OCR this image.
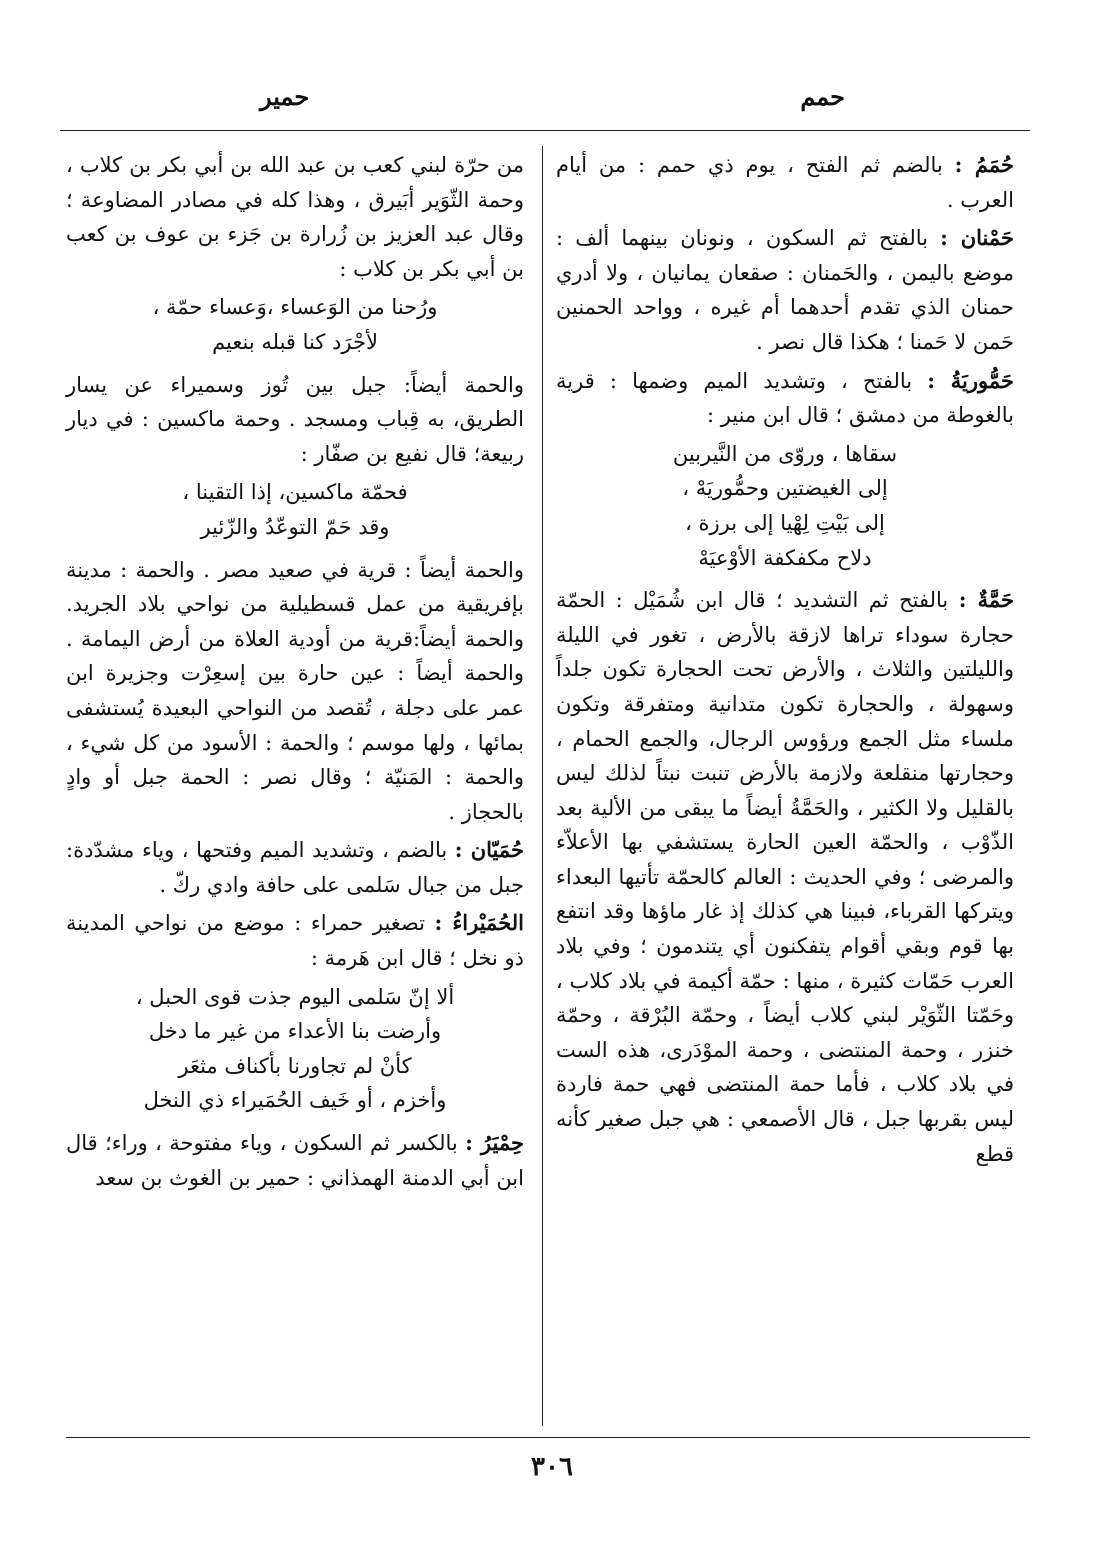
حمم
حمير

حُمَمُ : بالضم ثم الفتح ، يوم ذي حمم : من أيام العرب .

حَمْنان : بالفتح ثم السكون ، ونونان بينهما ألف : موضع باليمن ، والحَمنان : صقعان يمانيان ، ولا أدري حمنان الذي تقدم أحدهما أم غيره ، وواحد الحمنين حَمن لا حَمنا ؛ هكذا قال نصر .

حَمُّوريَةُ : بالفتح ، وتشديد الميم وضمها : قرية بالغوطة من دمشق ؛ قال ابن منير :

سقاها ، وروّى من النَّيربين
إلى الغيضتين وحمُّوريَهْ ،
إلى بَيْتِ لِهْيا إلى برزة ،
دلاح مكفكفة الأوْعيَهْ

حَمَّةٌ : بالفتح ثم التشديد ؛ قال ابن شُمَيْل : الحمّة حجارة سوداء تراها لازقة بالأرض ، تغور في الليلة والليلتين والثلاث ، والأرض تحت الحجارة تكون جلداً وسهولة ، والحجارة تكون متدانية ومتفرقة وتكون ملساء مثل الجمع ورؤوس الرجال، والجمع الحمام ، وحجارتها منقلعة ولازمة بالأرض تنبت نبتاً لذلك ليس بالقليل ولا الكثير ، والحَمَّةُ أيضاً ما يبقى من الألية بعد الذّوْب ، والحمّة العين الحارة يستشفي بها الأعلاّء والمرضى ؛ وفي الحديث : العالم كالحمّة تأتيها البعداء ويتركها القرباء، فبينا هي كذلك إذ غار ماؤها وقد انتفع بها قوم وبقي أقوام يتفكنون أي يتندمون ؛ وفي بلاد العرب حَمّات كثيرة ، منها : حمّة أكيمة في بلاد كلاب ، وحَمّتا الثّوَيْر لبني كلاب أيضاً ، وحمّة البُرْقة ، وحمّة خنزر ، وحمة المنتضى ، وحمة الموْدَرى، هذه الست في بلاد كلاب ، فأما حمة المنتضى فهي حمة فاردة ليس بقربها جبل ، قال الأصمعي : هي جبل صغير كأنه قطع

من حرّة لبني كعب بن عبد الله بن أبي بكر بن كلاب ، وحمة الثّوَير أبَيرق ، وهذا كله في مصادر المضاوعة ؛ وقال عبد العزيز بن زُرارة بن جَزء بن عوف بن كعب بن أبي بكر بن كلاب :

ورُحنا من الوَعساء ،وَعساء حمّة ،
لأجْرَد كنا قبله بنعيم

والحمة أيضاً: جبل بين تُوز وسميراء عن يسار الطريق، به قِباب ومسجد . وحمة ماكسين : في ديار ربيعة؛ قال نفيع بن صفّار :

فحمّة ماكسين، إذا التقينا ،
وقد حَمّ التوعّدُ والزّئير

والحمة أيضاً : قرية في صعيد مصر . والحمة : مدينة بإفريقية من عمل قسطيلية من نواحي بلاد الجريد. والحمة أيضاً:قرية من أودية العلاة من أرض اليمامة . والحمة أيضاً : عين حارة بين إسعِرْت وجزيرة ابن عمر على دجلة ، تُقصد من النواحي البعيدة يُستشفى بمائها ، ولها موسم ؛ والحمة : الأسود من كل شيء ، والحمة : المَنيّة ؛ وقال نصر : الحمة جبل أو وادٍ بالحجاز .

حُمَيّان : بالضم ، وتشديد الميم وفتحها ، وياء مشدّدة: جبل من جبال سَلمى على حافة وادي ركّ .

الحُمَيْراءُ : تصغير حمراء : موضع من نواحي المدينة ذو نخل ؛ قال ابن هَرمة :

ألا إنّ سَلمى اليوم جذت قوى الحبل ،
وأرضت بنا الأعداء من غير ما دخل
كأنْ لم تجاورنا بأكناف مثعَر
وأخزم ، أو خَيف الحُمَيراء ذي النخل

حِمْيَرُ : بالكسر ثم السكون ، وياء مفتوحة ، وراء؛ قال ابن أبي الدمنة الهمذاني : حمير بن الغوث بن سعد

٣٠٦
